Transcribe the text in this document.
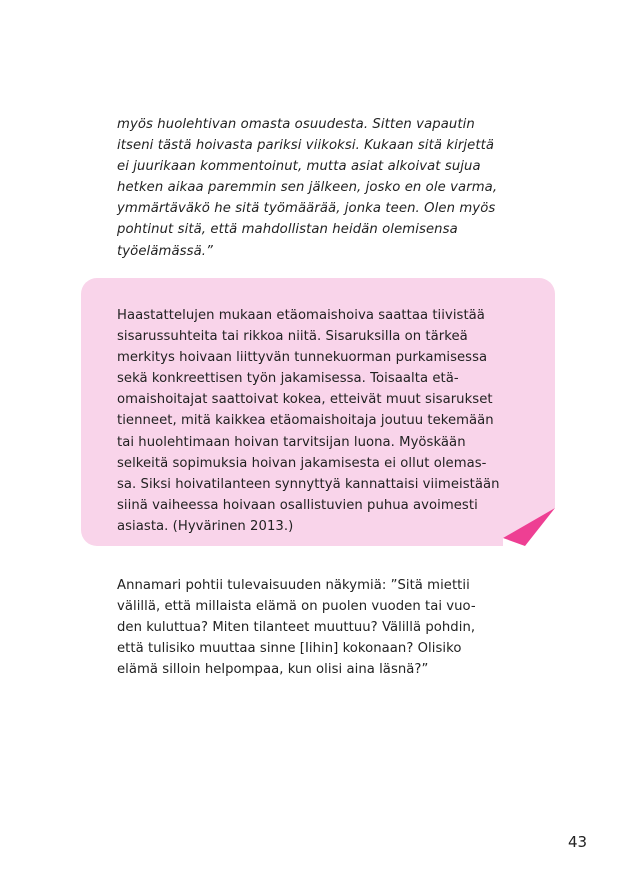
myös huolehtivan omasta osuudesta. Sitten vapautin
itseni tästä hoivasta pariksi viikoksi. Kukaan sitä kirjettä
ei juurikaan kommentoinut, mutta asiat alkoivat sujua
hetken aikaa paremmin sen jälkeen, josko en ole varma,
ymmärtäväkö he sitä työmäärää, jonka teen. Olen myös
pohtinut sitä, että mahdollistan heidän olemisensa
työelämässä.”

Haastattelujen mukaan etäomaishoiva saattaa tiivistää
sisarussuhteita tai rikkoa niitä. Sisaruksilla on tärkeä
merkitys hoivaan liittyvän tunnekuorman purkamisessa
sekä konkreettisen työn jakamisessa. Toisaalta etä-
omaishoitajat saattoivat kokea, etteivät muut sisarukset
tienneet, mitä kaikkea etäomaishoitaja joutuu tekemään
tai huolehtimaan hoivan tarvitsijan luona. Myöskään
selkeitä sopimuksia hoivan jakamisesta ei ollut olemas-
sa. Siksi hoivatilanteen synnyttyä kannattaisi viimeistään
siinä vaiheessa hoivaan osallistuvien puhua avoimesti
asiasta. (Hyvärinen 2013.)

Annamari pohtii tulevaisuuden näkymiä: ”Sitä miettii
välillä, että millaista elämä on puolen vuoden tai vuo-
den kuluttua? Miten tilanteet muuttuu? Välillä pohdin,
että tulisiko muuttaa sinne [Iihin] kokonaan? Olisiko
elämä silloin helpompaa, kun olisi aina läsnä?”

43
